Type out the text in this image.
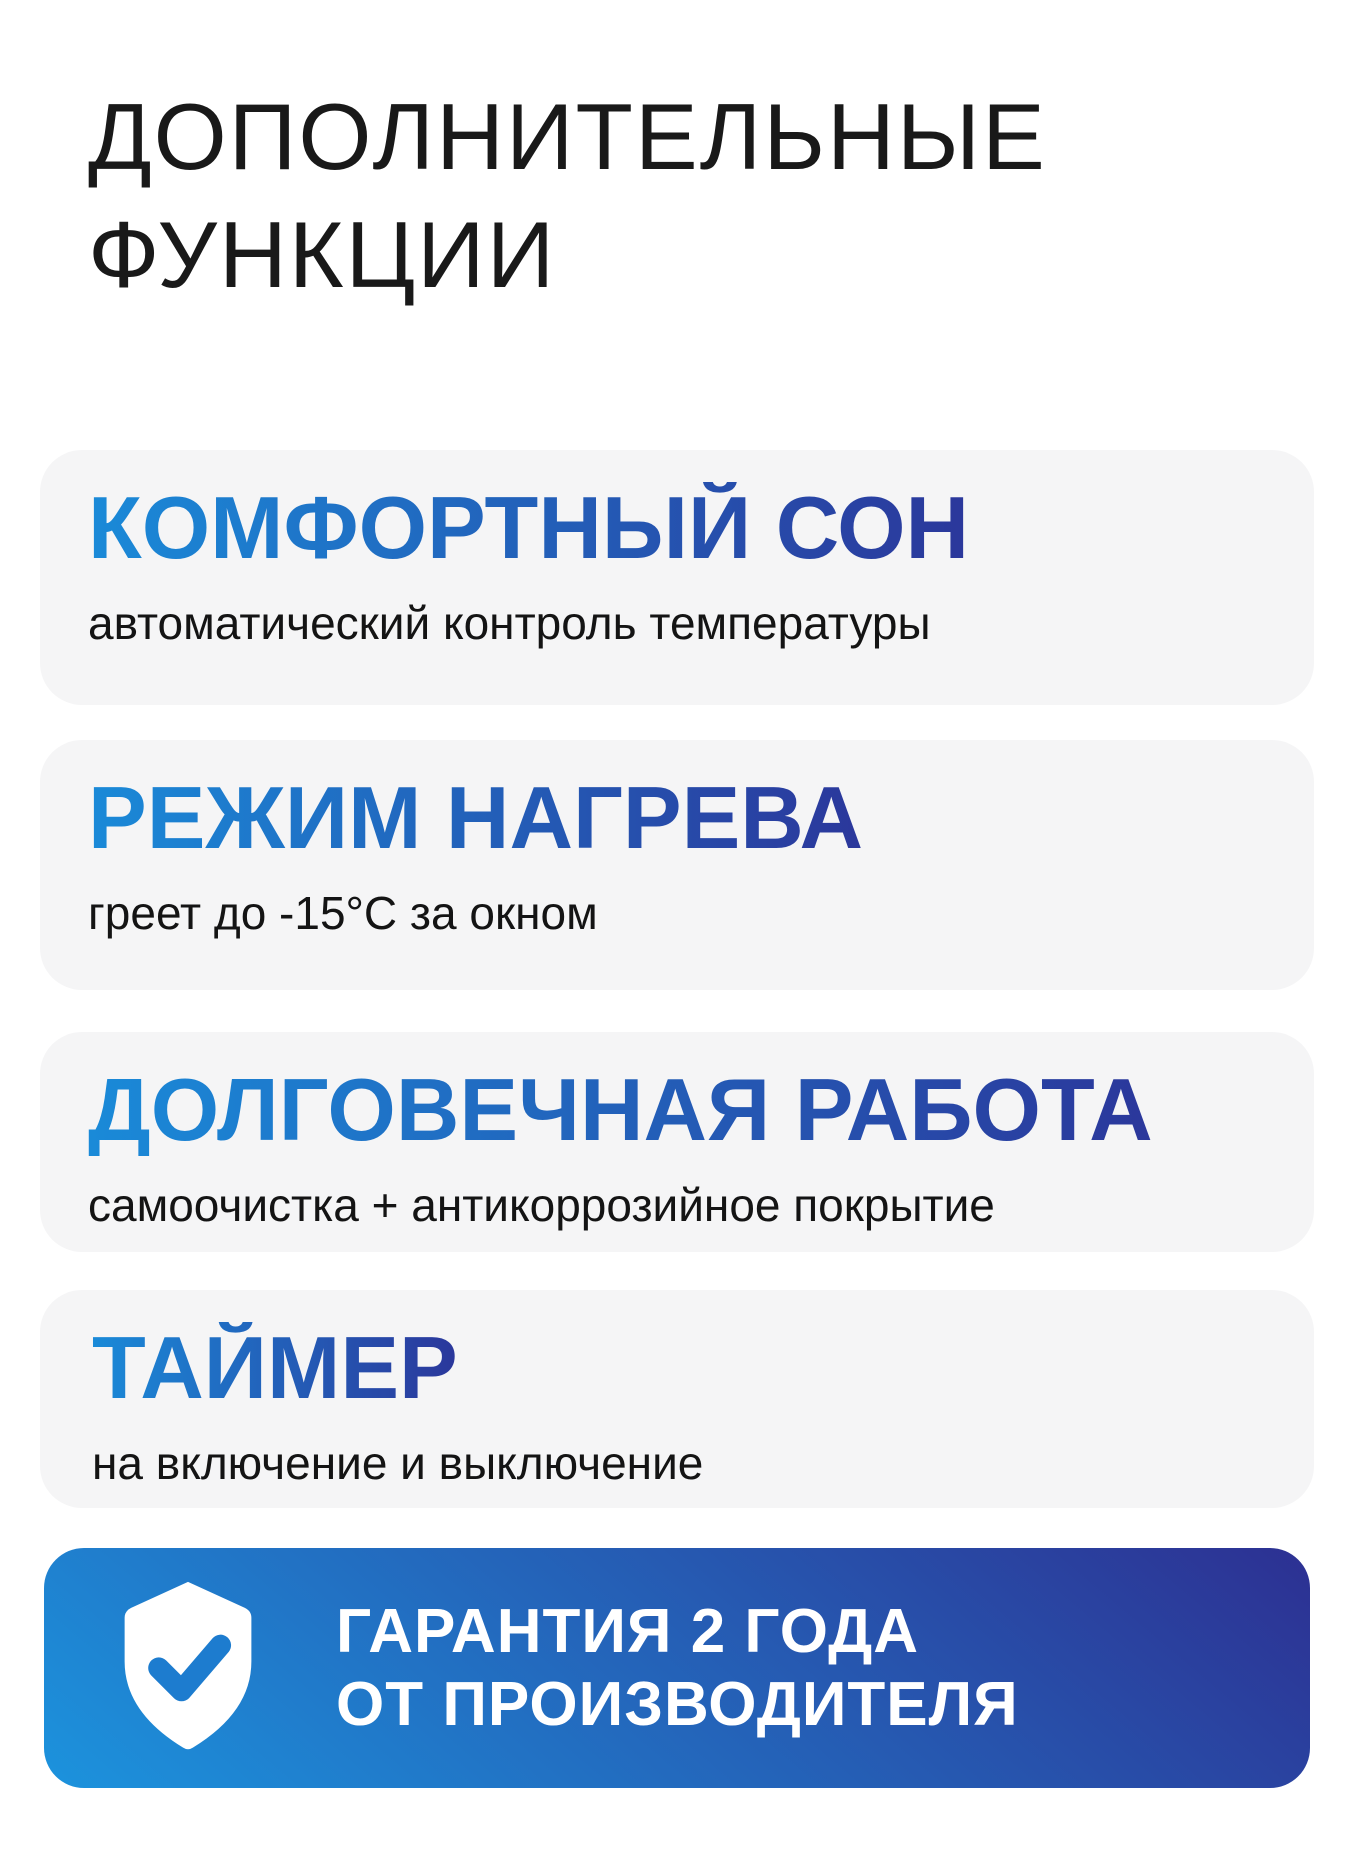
ДОПОЛНИТЕЛЬНЫЕ
ФУНКЦИИ
КОМФОРТНЫЙ СОН
автоматический контроль температуры
РЕЖИМ НАГРЕВА
греет до -15°С за окном
ДОЛГОВЕЧНАЯ РАБОТА
самоочистка + антикоррозийное покрытие
ТАЙМЕР
на включение и выключение
ГАРАНТИЯ 2 ГОДА
ОТ ПРОИЗВОДИТЕЛЯ
